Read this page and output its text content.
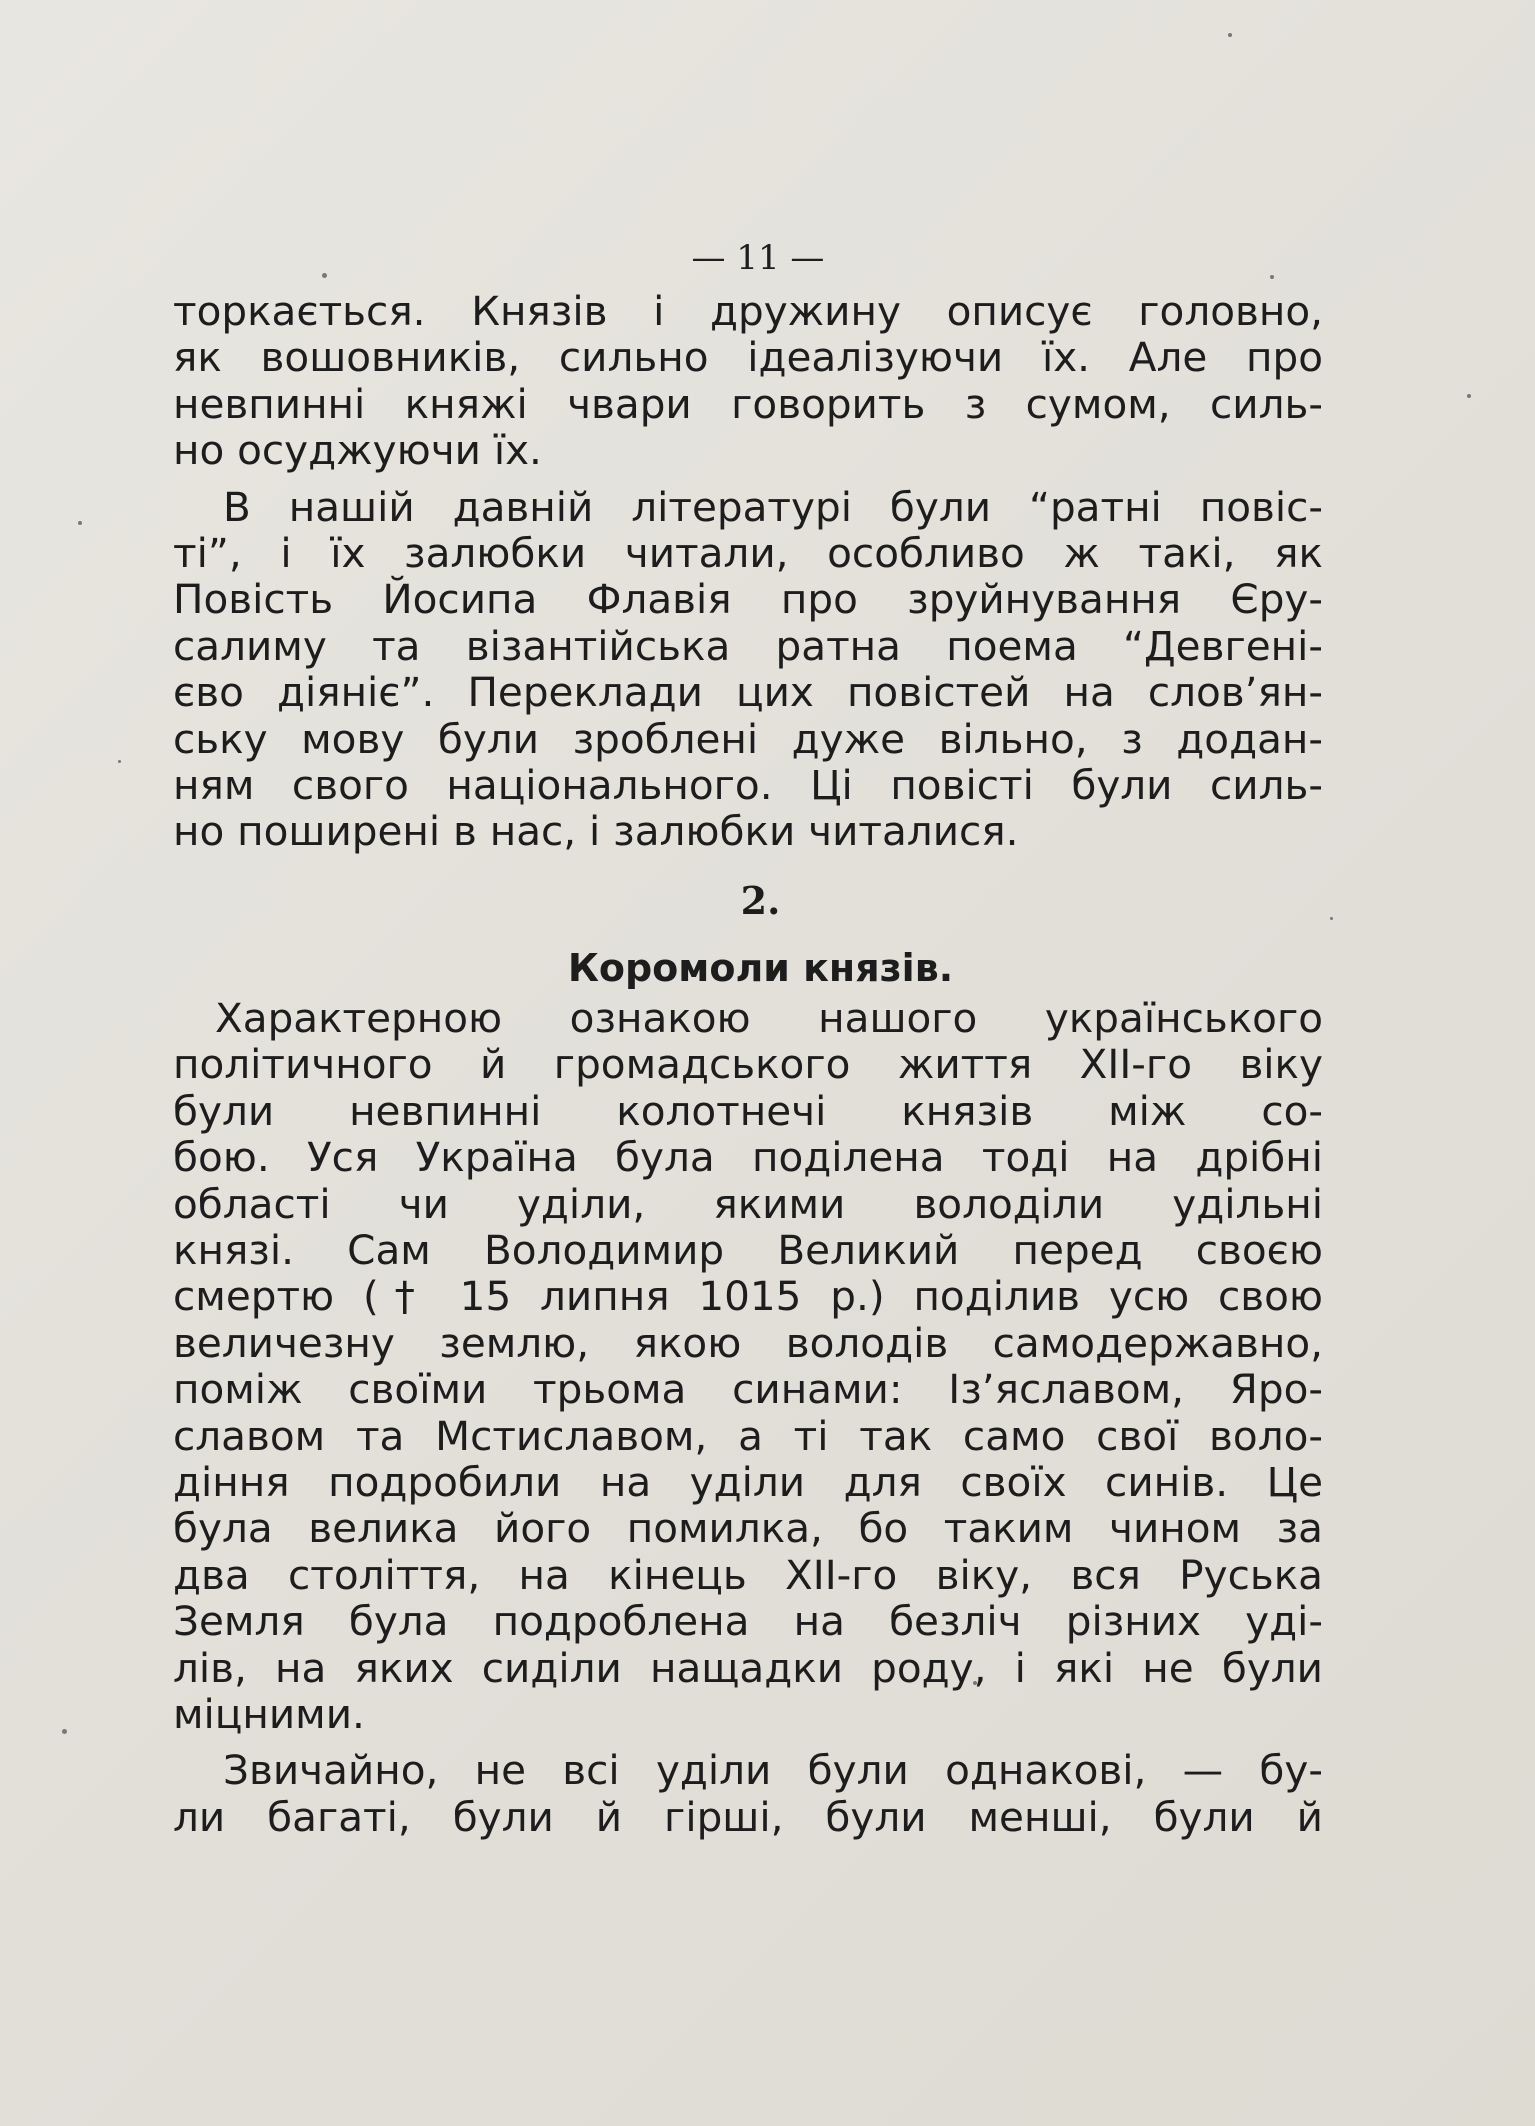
— 11 —

торкається. Князів і дружину описує головно,
як вошовників, сильно ідеалізуючи їх. Але про
невпинні княжі чвари говорить з сумом, силь-
но осуджуючи їх.

В нашій давній літературі були “ратні повіс-
ті”, і їх залюбки читали, особливо ж такі, як
Повість Йосипа Флавія про зруйнування Єру-
салиму та візантійська ратна поема “Девгені-
єво діяніє”. Переклади цих повістей на слов’ян-
ську мову були зроблені дуже вільно, з додан-
ням свого національного. Ці повісті були силь-
но поширені в нас, і залюбки читалися.

2.
Коромоли князів.

Характерною ознакою нашого українського
політичного й громадського життя XII-го віку
були невпинні колотнечі князів між со-
бою. Уся Україна була поділена тоді на дрібні
області чи уділи, якими володіли удільні
князі. Сам Володимир Великий перед своєю
смертю († 15 липня 1015 р.) поділив усю свою
величезну землю, якою володів самодержавно,
поміж своїми трьома синами: Із’яславом, Яро-
славом та Мстиславом, а ті так само свої воло-
діння подробили на уділи для своїх синів. Це
була велика його помилка, бо таким чином за
два століття, на кінець XII-го віку, вся Руська
Земля була подроблена на безліч різних уді-
лів, на яких сиділи нащадки роду, і які не були
міцними.

Звичайно, не всі уділи були однакові, — бу-
ли багаті, були й гірші, були менші, були й
